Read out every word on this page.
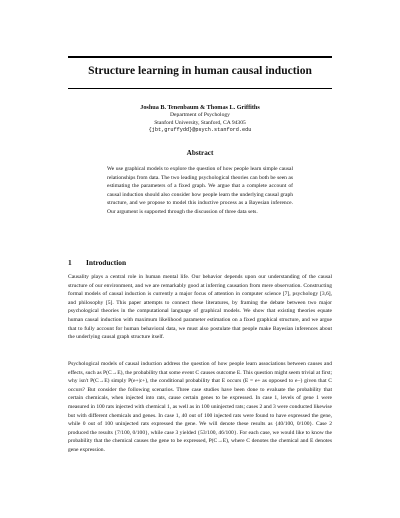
Structure learning in human causal induction
Joshua B. Tenenbaum & Thomas L. Griffiths
Department of Psychology
Stanford University, Stanford, CA 94305
{jbt,gruffydd}@psych.stanford.edu
Abstract
We use graphical models to explore the question of how people learn simple causal relationships from data. The two leading psychological theories can both be seen as estimating the parameters of a fixed graph. We argue that a complete account of causal induction should also consider how people learn the underlying causal graph structure, and we propose to model this inductive process as a Bayesian inference. Our argument is supported through the discussion of three data sets.
1 Introduction
Causality plays a central role in human mental life. Our behavior depends upon our understanding of the causal structure of our environment, and we are remarkably good at inferring causation from mere observation. Constructing formal models of causal induction is currently a major focus of attention in computer science [7], psychology [3,6], and philosophy [5]. This paper attempts to connect these literatures, by framing the debate between two major psychological theories in the computational language of graphical models. We show that existing theories equate human causal induction with maximum likelihood parameter estimation on a fixed graphical structure, and we argue that to fully account for human behavioral data, we must also postulate that people make Bayesian inferences about the underlying causal graph structure itself.
Psychological models of causal induction address the question of how people learn associations between causes and effects, such as P(C→E), the probability that some event C causes outcome E. This question might seem trivial at first; why isn't P(C→E) simply P(e+|c+), the conditional probability that E occurs (E = e+ as opposed to e−) given that C occurs? But consider the following scenarios. Three case studies have been done to evaluate the probability that certain chemicals, when injected into rats, cause certain genes to be expressed. In case 1, levels of gene 1 were measured in 100 rats injected with chemical 1, as well as in 100 uninjected rats; cases 2 and 3 were conducted likewise but with different chemicals and genes. In case 1, 40 out of 100 injected rats were found to have expressed the gene, while 0 out of 100 uninjected rats expressed the gene. We will denote these results as {40/100, 0/100}. Case 2 produced the results {7/100, 0/100}, while case 3 yielded {53/100, 46/100}. For each case, we would like to know the probability that the chemical causes the gene to be expressed, P(C→E), where C denotes the chemical and E denotes gene expression.
